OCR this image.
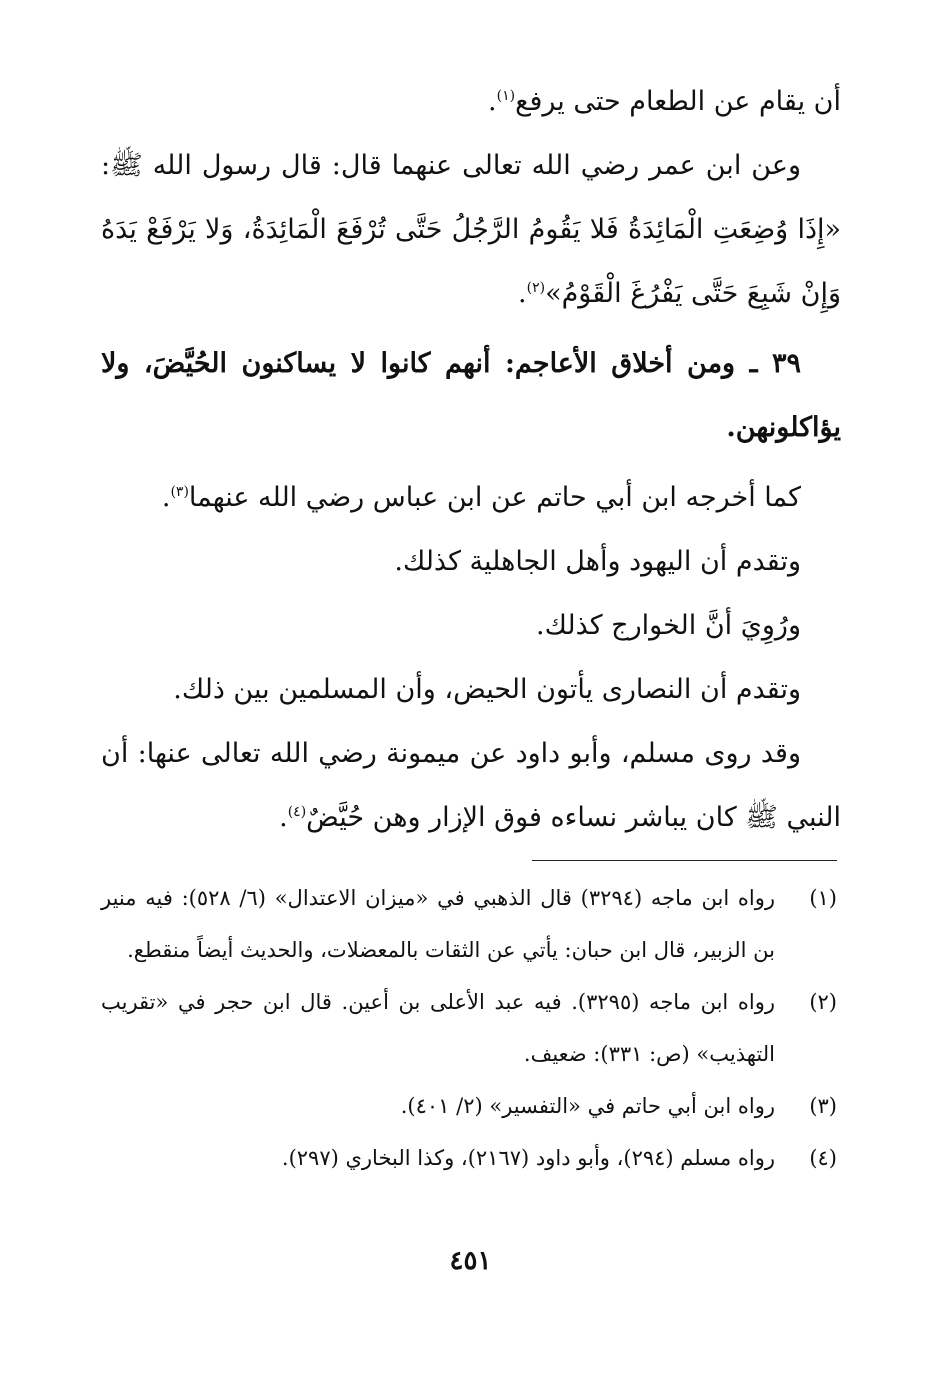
أن يقام عن الطعام حتى يرفع$^{(١)}$.

وعن ابن عمر رضي الله تعالى عنهما قال: قال رسول الله ﷺ: «إِذَا وُضِعَتِ الْمَائِدَةُ فَلا يَقُومُ الرَّجُلُ حَتَّى تُرْفَعَ الْمَائِدَةُ، وَلا يَرْفَعْ يَدَهُ وَإِنْ شَبِعَ حَتَّى يَفْرُغَ الْقَوْمُ»$^{(٢)}$.

٣٩ ـ ومن أخلاق الأعاجم: أنهم كانوا لا يساكنون الحُيَّضَ، ولا يؤاكلونهن.

كما أخرجه ابن أبي حاتم عن ابن عباس رضي الله عنهما$^{(٣)}$.

وتقدم أن اليهود وأهل الجاهلية كذلك.

ورُوِيَ أنَّ الخوارج كذلك.

وتقدم أن النصارى يأتون الحيض، وأن المسلمين بين ذلك.

وقد روى مسلم، وأبو داود عن ميمونة رضي الله تعالى عنها: أن النبي ﷺ كان يباشر نساءه فوق الإزار وهن حُيَّضٌ$^{(٤)}$.

(١)
رواه ابن ماجه (٣٢٩٤) قال الذهبي في «ميزان الاعتدال» (٦/ ٥٢٨): فيه منير بن الزبير، قال ابن حبان: يأتي عن الثقات بالمعضلات، والحديث أيضاً منقطع.
(٢)
رواه ابن ماجه (٣٢٩٥). فيه عبد الأعلى بن أعين. قال ابن حجر في «تقريب التهذيب» (ص: ٣٣١): ضعيف.
(٣)
رواه ابن أبي حاتم في «التفسير» (٢/ ٤٠١).
(٤)
رواه مسلم (٢٩٤)، وأبو داود (٢١٦٧)، وكذا البخاري (٢٩٧).
٤٥١
